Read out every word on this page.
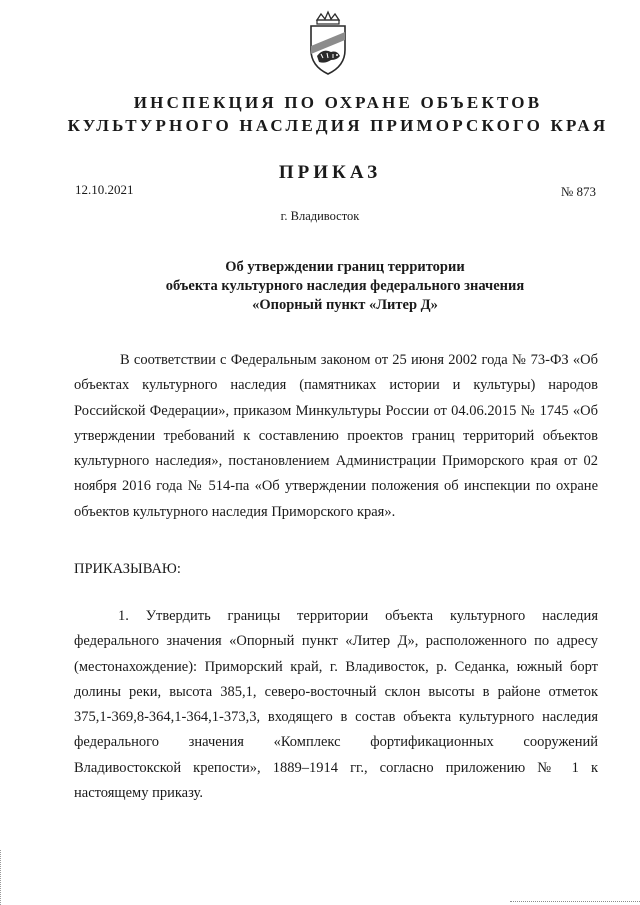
ИНСПЕКЦИЯ ПО ОХРАНЕ ОБЪЕКТОВ
КУЛЬТУРНОГО НАСЛЕДИЯ ПРИМОРСКОГО КРАЯ
ПРИКАЗ
12.10.2021	№ 873
г. Владивосток
Об утверждении границ территории
объекта культурного наследия федерального значения
«Опорный пункт «Литер Д»
В соответствии с Федеральным законом от 25 июня 2002 года № 73-ФЗ «Об объектах культурного наследия (памятниках истории и культуры) народов Российской Федерации», приказом Минкультуры России от 04.06.2015 № 1745 «Об утверждении требований к составлению проектов границ территорий объектов культурного наследия», постановлением Администрации Приморского края от 02 ноября 2016 года № 514-па «Об утверждении положения об инспекции по охране объектов культурного наследия Приморского края».
ПРИКАЗЫВАЮ:
1. Утвердить границы территории объекта культурного наследия федерального значения «Опорный пункт «Литер Д», расположенного по адресу (местонахождение): Приморский край, г. Владивосток, р. Седанка, южный борт долины реки, высота 385,1, северо-восточный склон высоты в районе отметок 375,1-369,8-364,1-364,1-373,3, входящего в состав объекта культурного наследия федерального значения «Комплекс фортификационных сооружений Владивостокской крепости», 1889–1914 гг., согласно приложению № 1 к настоящему приказу.
